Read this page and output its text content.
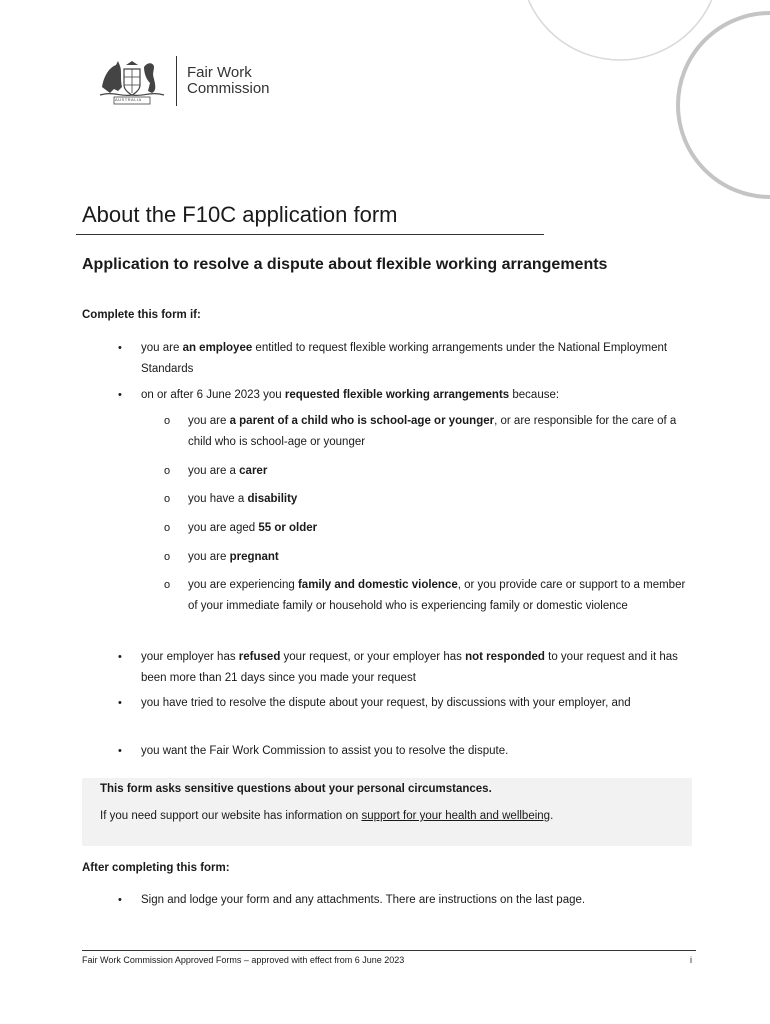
Fair Work
Commission
AUSTRALIA
About the F10C application form
Application to resolve a dispute about flexible working arrangements

Complete this form if:

• you are an employee entitled to request flexible working arrangements under the National Employment Standards
• on or after 6 June 2023 you requested flexible working arrangements because:
o you are a parent of a child who is school-age or younger, or are responsible for the care of a child who is school-age or younger
o you are a carer
o you have a disability
o you are aged 55 or older
o you are pregnant
o you are experiencing family and domestic violence, or you provide care or support to a member of your immediate family or household who is experiencing family or domestic violence
• your employer has refused your request, or your employer has not responded to your request and it has been more than 21 days since you made your request
• you have tried to resolve the dispute about your request, by discussions with your employer, and
• you want the Fair Work Commission to assist you to resolve the dispute.
This form asks sensitive questions about your personal circumstances.
If you need support our website has information on support for your health and wellbeing.

After completing this form:

• Sign and lodge your form and any attachments. There are instructions on the last page.
Fair Work Commission Approved Forms – approved with effect from 6 June 2023	i
